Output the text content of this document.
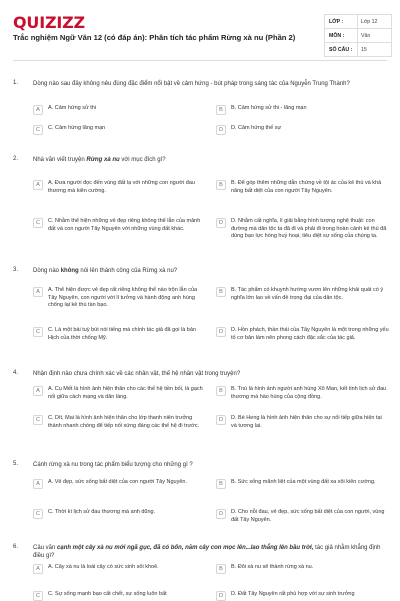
QUIZIZZ
Trắc nghiệm Ngữ Văn 12 (có đáp án): Phân tích tác phẩm Rừng xà nu (Phần 2)
LỚP :	Lớp 12
MÔN :	Văn
SỐ CÂU :	15
1. Dòng nào sau đây không nêu đúng đặc điểm nổi bật về cảm hứng - bút pháp trong sáng tác của Nguyễn Trung Thành?
A	A. Cảm hứng sử thi	B	B. Cảm hứng sử thi - lãng mạn
C	C. Cảm hứng lãng mạn	D	D. Cảm hứng thế sự
2. Nhà văn viết truyện Rừng xà nu với mục đích gì?
A	A. Đưa người đọc đến vùng đất lạ với những con người đau thương mà kiên cường.
B	B. Để góp thêm những dẫn chứng về tội ác của kẻ thù và khả năng bất diệt của con người Tây Nguyên.
C	C. Nhằm thể hiện những vẻ đẹp riêng không thể lẫn của mảnh đất và con người Tây Nguyên với những vùng đất khác.
D	D. Nhằm cất nghĩa, lí giải bằng hình tượng nghệ thuật: con đường mà dân tộc ta đã đi và phải đi trong hoàn cảnh kẻ thù đã dùng bạo lực hòng huỷ hoại, tiêu diệt sự sống của chúng ta.
3. Dòng nào không nói lên thành công của Rừng xà nu?
A	A. Thể hiện được vẻ đẹp rất riêng không thể nào trộn lẫn của Tây Nguyên, con người với lí tưởng và hành động anh hùng chống lại kẻ thù tàn bạo.
B	B. Tác phẩm có khuynh hướng vươn lên những khái quát có ý nghĩa lớn lao về vấn đề trọng đại của dân tộc.
C	C. Là một bài tuỳ bút nói tiếng mà chính tác giả đã gọi là bản Hịch của thời chống Mỹ.
D	D. Hồn phách, thần thái của Tây Nguyên là một trong những yếu tố cơ bản làm nên phong cách đặc sắc của tác giả.
4. Nhận định nào chưa chính xác về các nhân vật, thế hệ nhân vật trong truyện?
A	A. Cụ Mết là hình ảnh hiện thân cho các thế hệ tiền bối, là gạch nối giữa cách mạng và dân làng.
B	B. Tnú là hình ảnh người anh hùng Xô Man, kết tinh lịch sử đau thương mà hào hùng của cộng đồng.
C	C. Dít, Mai là hình ảnh hiện thân cho lớp thanh niên trưởng thành nhanh chóng để tiếp nối xứng đáng các thế hệ đi trước.
D	D. Bé Heng là hình ảnh hiện thân cho sự nối tiếp giữa hiện tại và tương lai.
5. Cánh rừng xà nu trong tác phẩm biểu tượng cho những gì ?
A	A. Vẻ đẹp, sức sống bất diệt của con người Tây Nguyên.	B	B. Sức sống mãnh liệt của một vùng đất xa xôi kiên cường.
C	C. Thời kì lịch sử đau thương mà anh dũng.	D	D. Cho nỗi đau, vẻ đẹp, sức sống bất diệt của con người, vùng đất Tây Nguyên.
6. Câu văn cạnh một cây xà nu mới ngã gục, đã có bốn, năm cây con mọc lên...lao thẳng lên bầu trời, tác giả nhằm khẳng định điều gì?
A	A. Cây xà nu là loài cây có sức sinh sôi khoẻ.	B	B. Đôi xà nu sẽ thành rừng xà nu.
C	C. Sự sống mạnh bạo cất chết, sự sống luôn bất	D	D. Đất Tây Nguyên rất phù hợp với sự sinh trưởng
